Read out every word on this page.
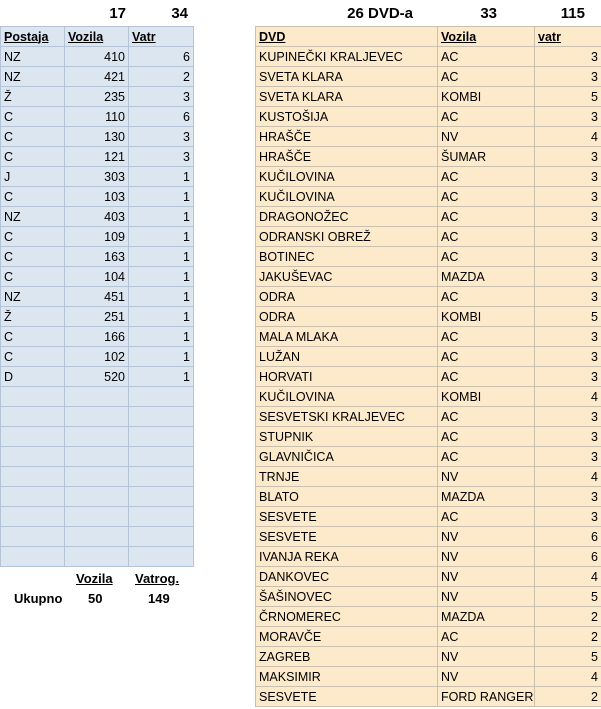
17	34	26 DVD-a	33	115
Postaja	Vozila	Vatr
NZ	410	6
NZ	421	2
Ž	235	3
C	110	6
C	130	3
C	121	3
J	303	1
C	103	1
NZ	403	1
C	109	1
C	163	1
C	104	1
NZ	451	1
Ž	251	1
C	166	1
C	102	1
D	520	1

DVD	Vozila	vatr
KUPINEČKI KRALJEVEC	AC	3
SVETA KLARA	AC	3
SVETA KLARA	KOMBI	5
KUSTOŠIJA	AC	3
HRAŠČE	NV	4
HRAŠČE	ŠUMAR	3
KUČILOVINA	AC	3
KUČILOVINA	AC	3
DRAGONOŽEC	AC	3
ODRANSKI OBREŽ	AC	3
BOTINEC	AC	3
JAKUŠEVAC	MAZDA	3
ODRA	AC	3
ODRA	KOMBI	5
MALA MLAKA	AC	3
LUŽAN	AC	3
HORVATI	AC	3
KUČILOVINA	KOMBI	4
SESVETSKI KRALJEVEC	AC	3
STUPNIK	AC	3
GLAVNIČICA	AC	3
TRNJE	NV	4
BLATO	MAZDA	3
SESVETE	AC	3
SESVETE	NV	6
IVANJA REKA	NV	6
DANKOVEC	NV	4
ŠAŠINOVEC	NV	5
ČRNOMEREC	MAZDA	2
MORAVČE	AC	2
ZAGREB	NV	5
MAKSIMIR	NV	4
SESVETE	FORD RANGER	2
Vozila Vatrog.
Ukupno 50	149
